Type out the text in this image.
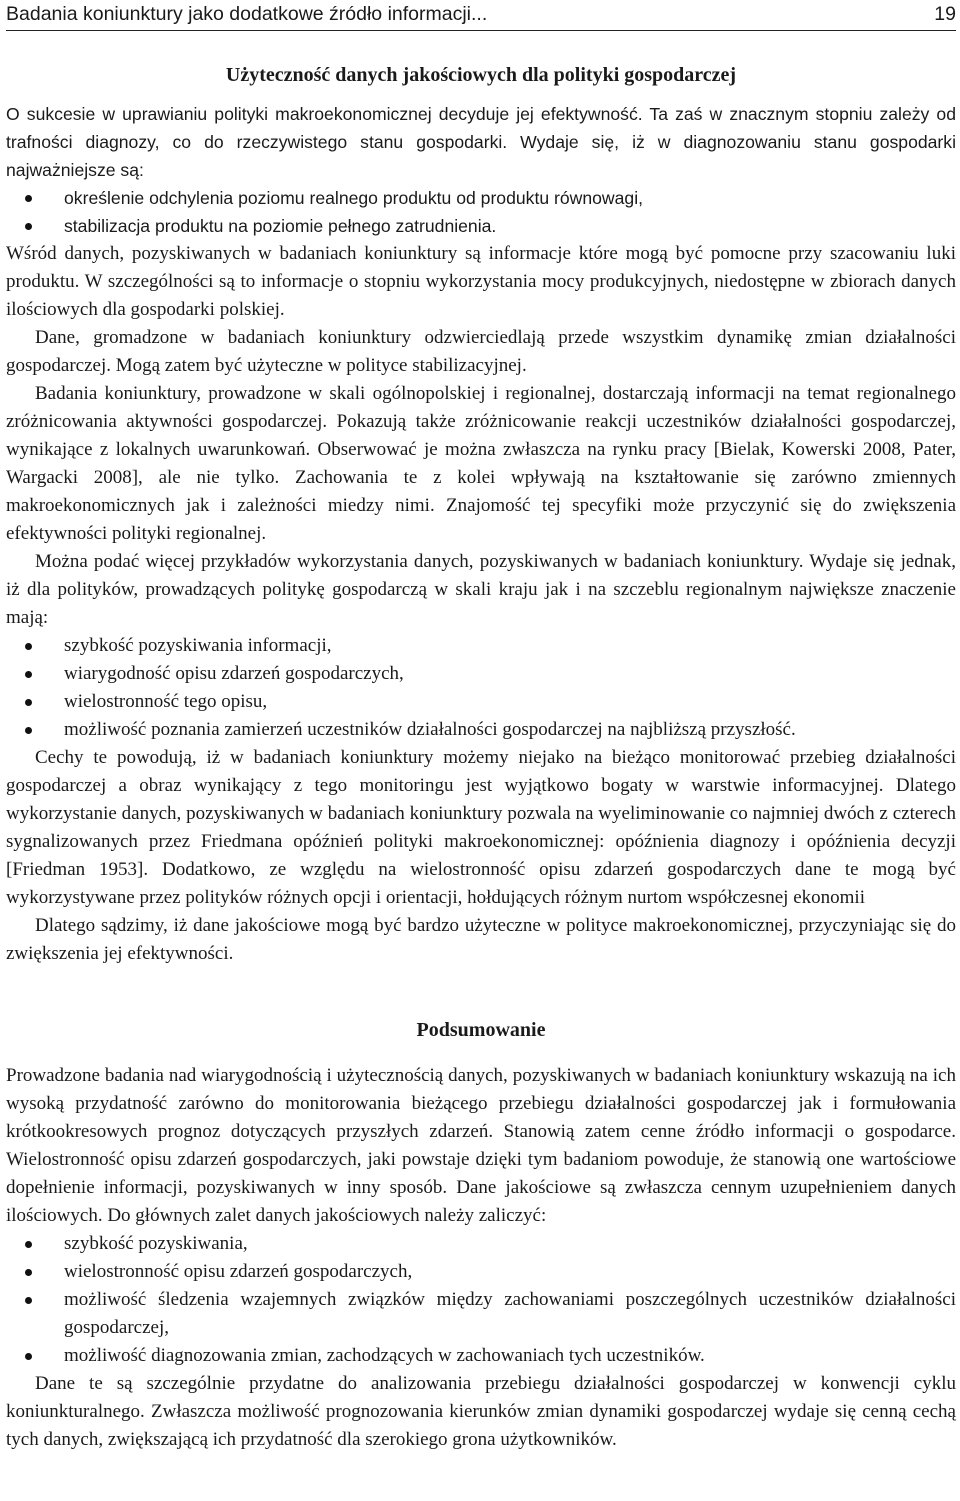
Badania koniunktury jako dodatkowe źródło informacji...	19
Użyteczność danych jakościowych dla polityki gospodarczej

O sukcesie w uprawianiu polityki makroekonomicznej decyduje jej efektywność. Ta zaś w znacznym stopniu zależy od trafności diagnozy, co do rzeczywistego stanu gospodarki. Wydaje się, iż w diagnozowaniu stanu gospodarki najważniejsze są:

określenie odchylenia poziomu realnego produktu od produktu równowagi,
stabilizacja produktu na poziomie pełnego zatrudnienia.

Wśród danych, pozyskiwanych w badaniach koniunktury są informacje które mogą być pomocne przy szacowaniu luki produktu. W szczególności są to informacje o stopniu wykorzystania mocy produkcyjnych, niedostępne w zbiorach danych ilościowych dla gospodarki polskiej.

Dane, gromadzone w badaniach koniunktury odzwierciedlają przede wszystkim dynamikę zmian działalności gospodarczej. Mogą zatem być użyteczne w polityce stabilizacyjnej.

Badania koniunktury, prowadzone w skali ogólnopolskiej i regionalnej, dostarczają informacji na temat regionalnego zróżnicowania aktywności gospodarczej. Pokazują także zróżnicowanie reakcji uczestników działalności gospodarczej, wynikające z lokalnych uwarunkowań. Obserwować je można zwłaszcza na rynku pracy [Bielak, Kowerski 2008, Pater, Wargacki 2008], ale nie tylko. Zachowania te z kolei wpływają na kształtowanie się zarówno zmiennych makroekonomicznych jak i zależności miedzy nimi. Znajomość tej specyfiki może przyczynić się do zwiększenia efektywności polityki regionalnej.

Można podać więcej przykładów wykorzystania danych, pozyskiwanych w badaniach koniunktury. Wydaje się jednak, iż dla polityków, prowadzących politykę gospodarczą w skali kraju jak i na szczeblu regionalnym największe znaczenie mają:

szybkość pozyskiwania informacji,
wiarygodność opisu zdarzeń gospodarczych,
wielostronność tego opisu,
możliwość poznania zamierzeń uczestników działalności gospodarczej na najbliższą przyszłość.

Cechy te powodują, iż w badaniach koniunktury możemy niejako na bieżąco monitorować przebieg działalności gospodarczej a obraz wynikający z tego monitoringu jest wyjątkowo bogaty w warstwie informacyjnej. Dlatego wykorzystanie danych, pozyskiwanych w badaniach koniunktury pozwala na wyeliminowanie co najmniej dwóch z czterech sygnalizowanych przez Friedmana opóźnień polityki makroekonomicznej: opóźnienia diagnozy i opóźnienia decyzji [Friedman 1953]. Dodatkowo, ze względu na wielostronność opisu zdarzeń gospodarczych dane te mogą być wykorzystywane przez polityków różnych opcji i orientacji, hołdujących różnym nurtom współczesnej ekonomii

Dlatego sądzimy, iż dane jakościowe mogą być bardzo użyteczne w polityce makroekonomicznej, przyczyniając się do zwiększenia jej efektywności.

Podsumowanie

Prowadzone badania nad wiarygodnością i użytecznością danych, pozyskiwanych w badaniach koniunktury wskazują na ich wysoką przydatność zarówno do monitorowania bieżącego przebiegu działalności gospodarczej jak i formułowania krótkookresowych prognoz dotyczących przyszłych zdarzeń. Stanowią zatem cenne źródło informacji o gospodarce. Wielostronność opisu zdarzeń gospodarczych, jaki powstaje dzięki tym badaniom powoduje, że stanowią one wartościowe dopełnienie informacji, pozyskiwanych w inny sposób. Dane jakościowe są zwłaszcza cennym uzupełnieniem danych ilościowych. Do głównych zalet danych jakościowych należy zaliczyć:

szybkość pozyskiwania,
wielostronność opisu zdarzeń gospodarczych,
możliwość śledzenia wzajemnych związków między zachowaniami poszczególnych uczestników działalności gospodarczej,
możliwość diagnozowania zmian, zachodzących w zachowaniach tych uczestników.

Dane te są szczególnie przydatne do analizowania przebiegu działalności gospodarczej w konwencji cyklu koniunkturalnego. Zwłaszcza możliwość prognozowania kierunków zmian dynamiki gospodarczej wydaje się cenną cechą tych danych, zwiększającą ich przydatność dla szerokiego grona użytkowników.
